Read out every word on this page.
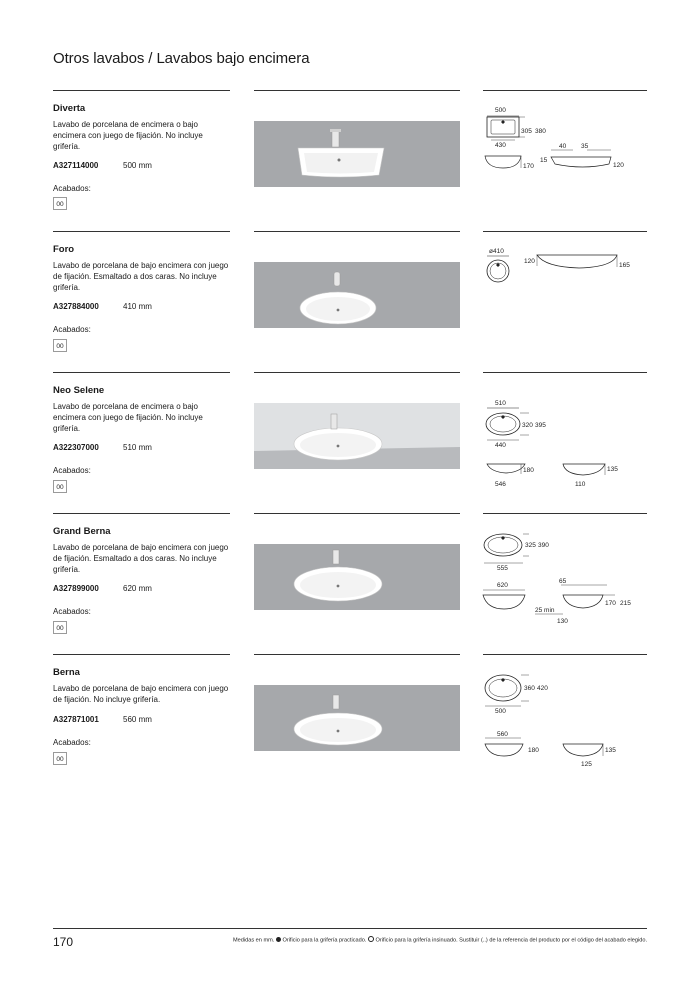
Otros lavabos / Lavabos bajo encimera
Diverta
Lavabo de porcelana de encimera o bajo encimera con juego de fijación. No incluye grifería.
A327114000	500 mm
Acabados:
00
500
305 380
430
170
40 35
15
120
Foro
Lavabo de porcelana de bajo encimera con juego de fijación. Esmaltado a dos caras. No incluye grifería.
A327884000	410 mm
Acabados:
00
ø410
120
165
Neo Selene
Lavabo de porcelana de encimera o bajo encimera con juego de fijación. No incluye grifería.
A322307000	510 mm
Acabados:
00
510
320 395
440
180
546
135
110
Grand Berna
Lavabo de porcelana de bajo encimera con juego de fijación. Esmaltado a dos caras. No incluye grifería.
A327899000	620 mm
Acabados:
00
325 390
555
620
65
170 215
25 min
130
Berna
Lavabo de porcelana de bajo encimera con juego de fijación. No incluye grifería.
A327871001	560 mm
Acabados:
00
360 420
500
560
180	135
125
170	Medidas en mm. Orificio para la grifería practicado. Orificio para la grifería insinuado. Sustituir (..) de la referencia del producto por el código del acabado elegido.
